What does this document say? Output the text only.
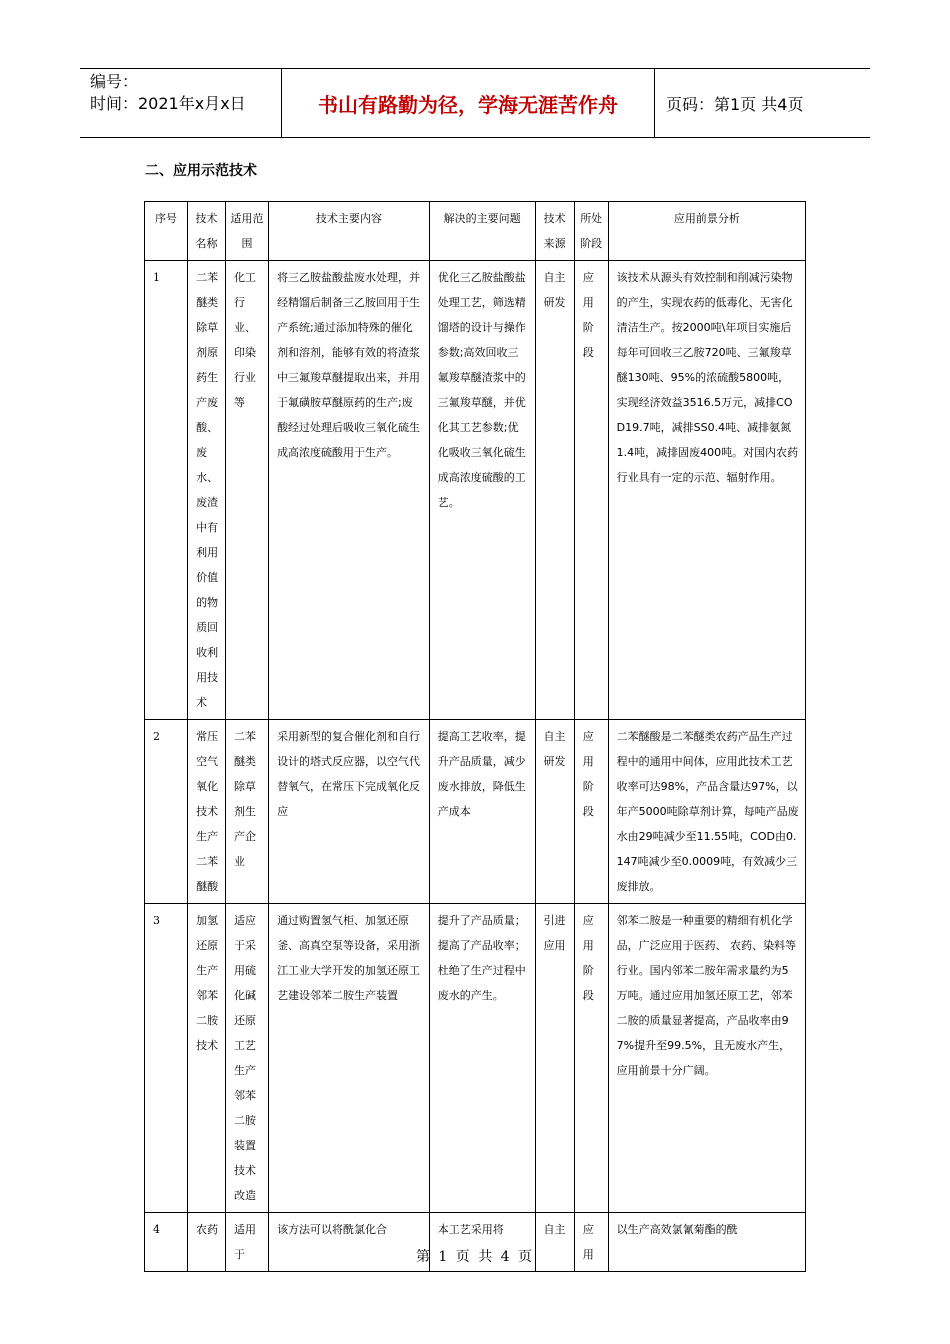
编号：
时间：2021年x月x日	书山有路勤为径，学海无涯苦作舟	页码：第1页 共4页
二、应用示范技术
序号	技术名称	适用范围	技术主要内容	解决的主要问题	技术来源	所处阶段	应用前景分析
1	二苯醚类除草剂原药生产废酸、废水、废渣中有利用价值的物质回收利用技术	化工行业、印染行业等	将三乙胺盐酸盐废水处理，并经精馏后制备三乙胺回用于生产系统;通过添加特殊的催化剂和溶剂，能够有效的将渣浆中三氟羧草醚提取出来，并用于氟磺胺草醚原药的生产;废酸经过处理后吸收三氧化硫生成高浓度硫酸用于生产。	优化三乙胺盐酸盐处理工艺，筛选精馏塔的设计与操作参数;高效回收三氟羧草醚渣浆中的三氟羧草醚，并优化其工艺参数;优化吸收三氧化硫生成高浓度硫酸的工艺。	自主研发	应用阶段	该技术从源头有效控制和削减污染物的产生，实现农药的低毒化、无害化清洁生产。按2000吨\年项目实施后每年可回收三乙胺720吨、三氟羧草醚130吨、95%的浓硫酸5800吨，实现经济效益3516.5万元，减排COD19.7吨，减排SS0.4吨、减排氨氮1.4吨，减排固废400吨。对国内农药行业具有一定的示范、辐射作用。
2	常压空气氧化技术生产二苯醚酸	二苯醚类除草剂生产企业	采用新型的复合催化剂和自行设计的塔式反应器，以空气代替氧气，在常压下完成氧化反应	提高工艺收率，提升产品质量，减少废水排放，降低生产成本	自主研发	应用阶段	二苯醚酸是二苯醚类农药产品生产过程中的通用中间体，应用此技术工艺收率可达98%，产品含量达97%，以年产5000吨除草剂计算，每吨产品废水由29吨减少至11.55吨，COD由0.147吨减少至0.0009吨，有效减少三废排放。
3	加氢还原生产邻苯二胺技术	适应于采用硫化碱还原工艺生产邻苯二胺装置技术改造	通过购置氢气柜、加氢还原釜、高真空泵等设备，采用浙江工业大学开发的加氢还原工艺建设邻苯二胺生产装置	提升了产品质量；提高了产品收率；杜绝了生产过程中废水的产生。	引进应用	应用阶段	邻苯二胺是一种重要的精细有机化学品，广泛应用于医药、 农药、染料等行业。国内邻苯二胺年需求量约为5万吨。通过应用加氢还原工艺，邻苯二胺的质量显著提高，产品收率由97%提升至99.5%，且无废水产生，应用前景十分广阔。
4	农药	适用于	该方法可以将酰氯化合	本工艺采用将	自主	应用	以生产高效氯氰菊酯的酰
第 1 页 共 4 页
